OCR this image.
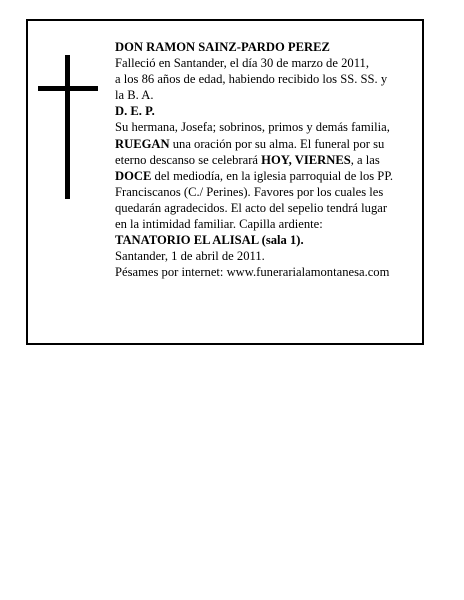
DON RAMON SAINZ-PARDO PEREZ

Falleció en Santander, el día 30 de marzo de 2011,

a los 86 años de edad, habiendo recibido los SS. SS. y

la B. A.

D. E. P.

Su hermana, Josefa; sobrinos, primos y demás familia,

RUEGAN una oración por su alma. El funeral por su

eterno descanso se celebrará HOY, VIERNES, a las

DOCE del mediodía, en la iglesia parroquial de los PP.

Franciscanos (C./ Perines). Favores por los cuales les

quedarán agradecidos. El acto del sepelio tendrá lugar

en la intimidad familiar. Capilla ardiente:

TANATORIO EL ALISAL (sala 1).

Santander, 1 de abril de 2011.

Pésames por internet: www.funerarialamontanesa.com
